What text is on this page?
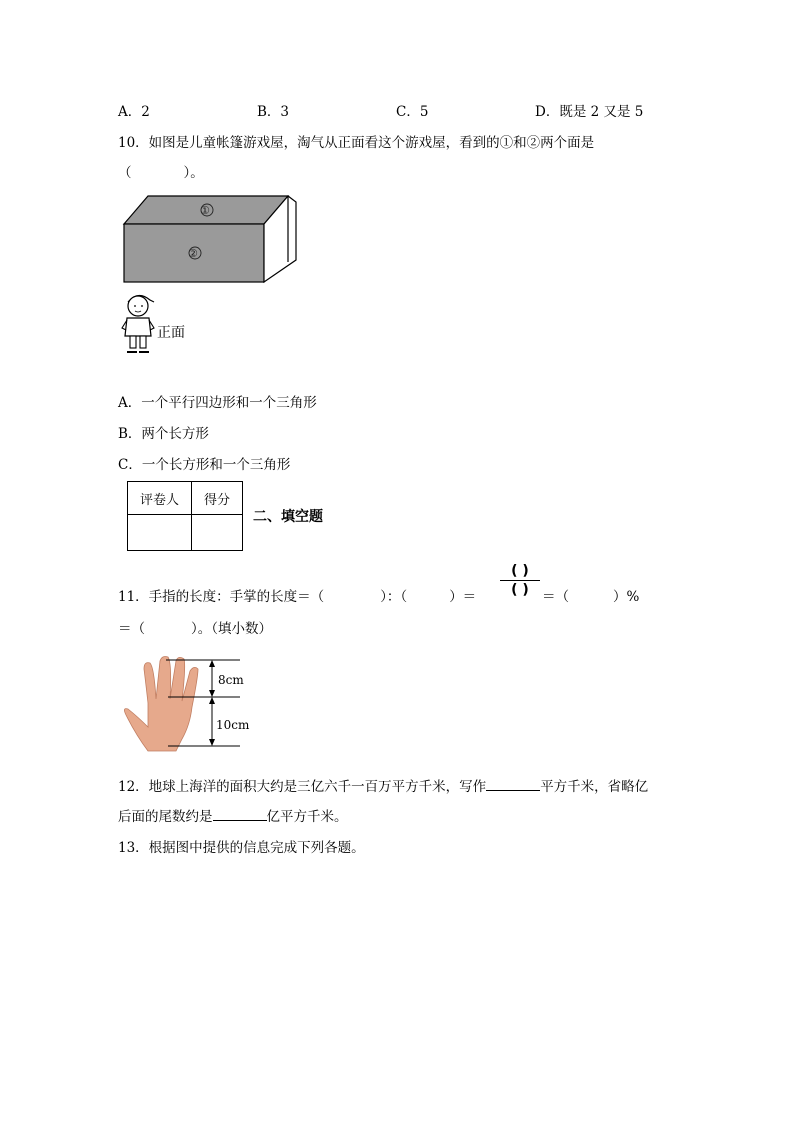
A．2	B．3	C．5	D．既是 2 又是 5
10．如图是儿童帐篷游戏屋，淘气从正面看这个游戏屋，看到的①和②两个面是
（	）。
①
②
正面
A．一个平行四边形和一个三角形
B．两个长方形
C．一个长方形和一个三角形
评卷人	得分

二、填空题
11．手指的长度：手掌的长度＝（	）：（	）＝
( )
( ) ＝（	）%
＝（	）。（填小数）
8cm
10cm
12．地球上海洋的面积大约是三亿六千一百万平方千米，写作	平方千米，省略亿
后面的尾数约是	亿平方千米。
13．根据图中提供的信息完成下列各题。
